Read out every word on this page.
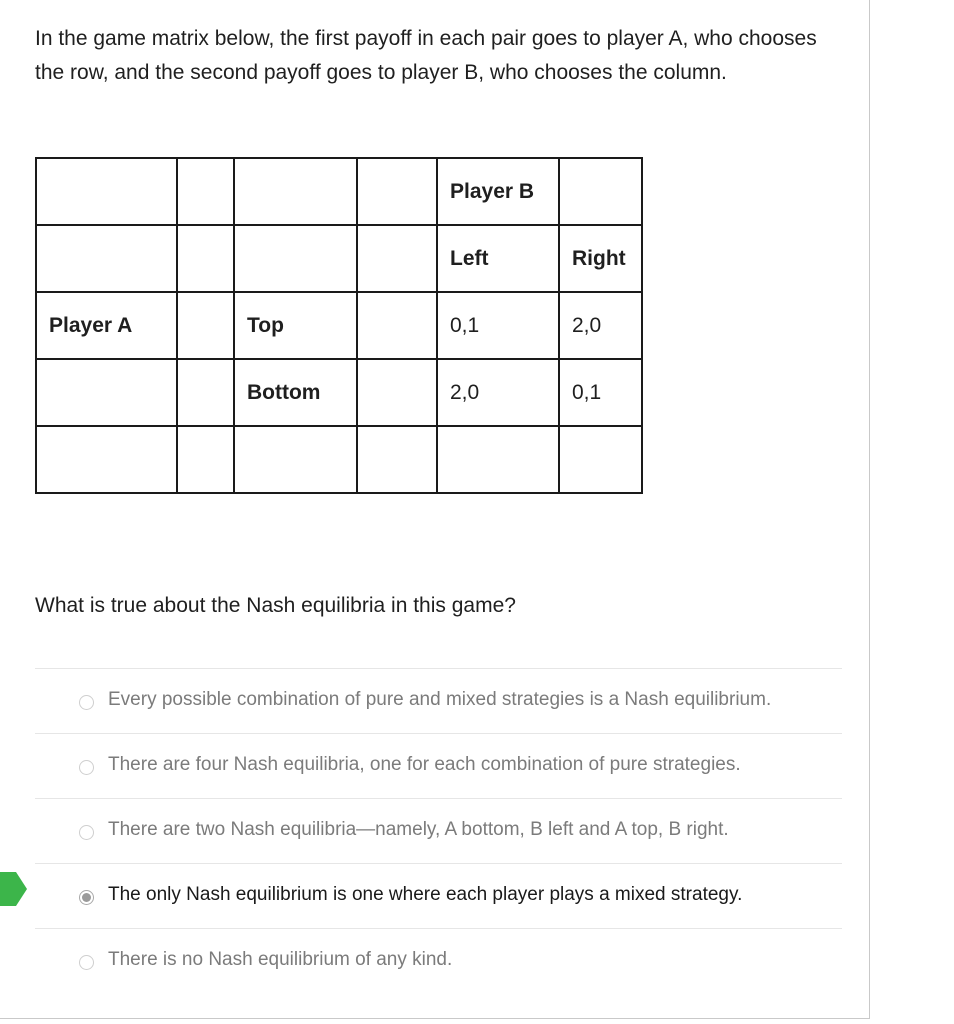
In the game matrix below, the first payoff in each pair goes to player A, who chooses the row, and the second payoff goes to player B, who chooses the column.

				Player B	
				Left	Right
Player A		Top		0,1	2,0
		Bottom		2,0	0,1

What is true about the Nash equilibria in this game?

Every possible combination of pure and mixed strategies is a Nash equilibrium.
There are four Nash equilibria, one for each combination of pure strategies.
There are two Nash equilibria—namely, A bottom, B left and A top, B right.
The only Nash equilibrium is one where each player plays a mixed strategy.
There is no Nash equilibrium of any kind.
